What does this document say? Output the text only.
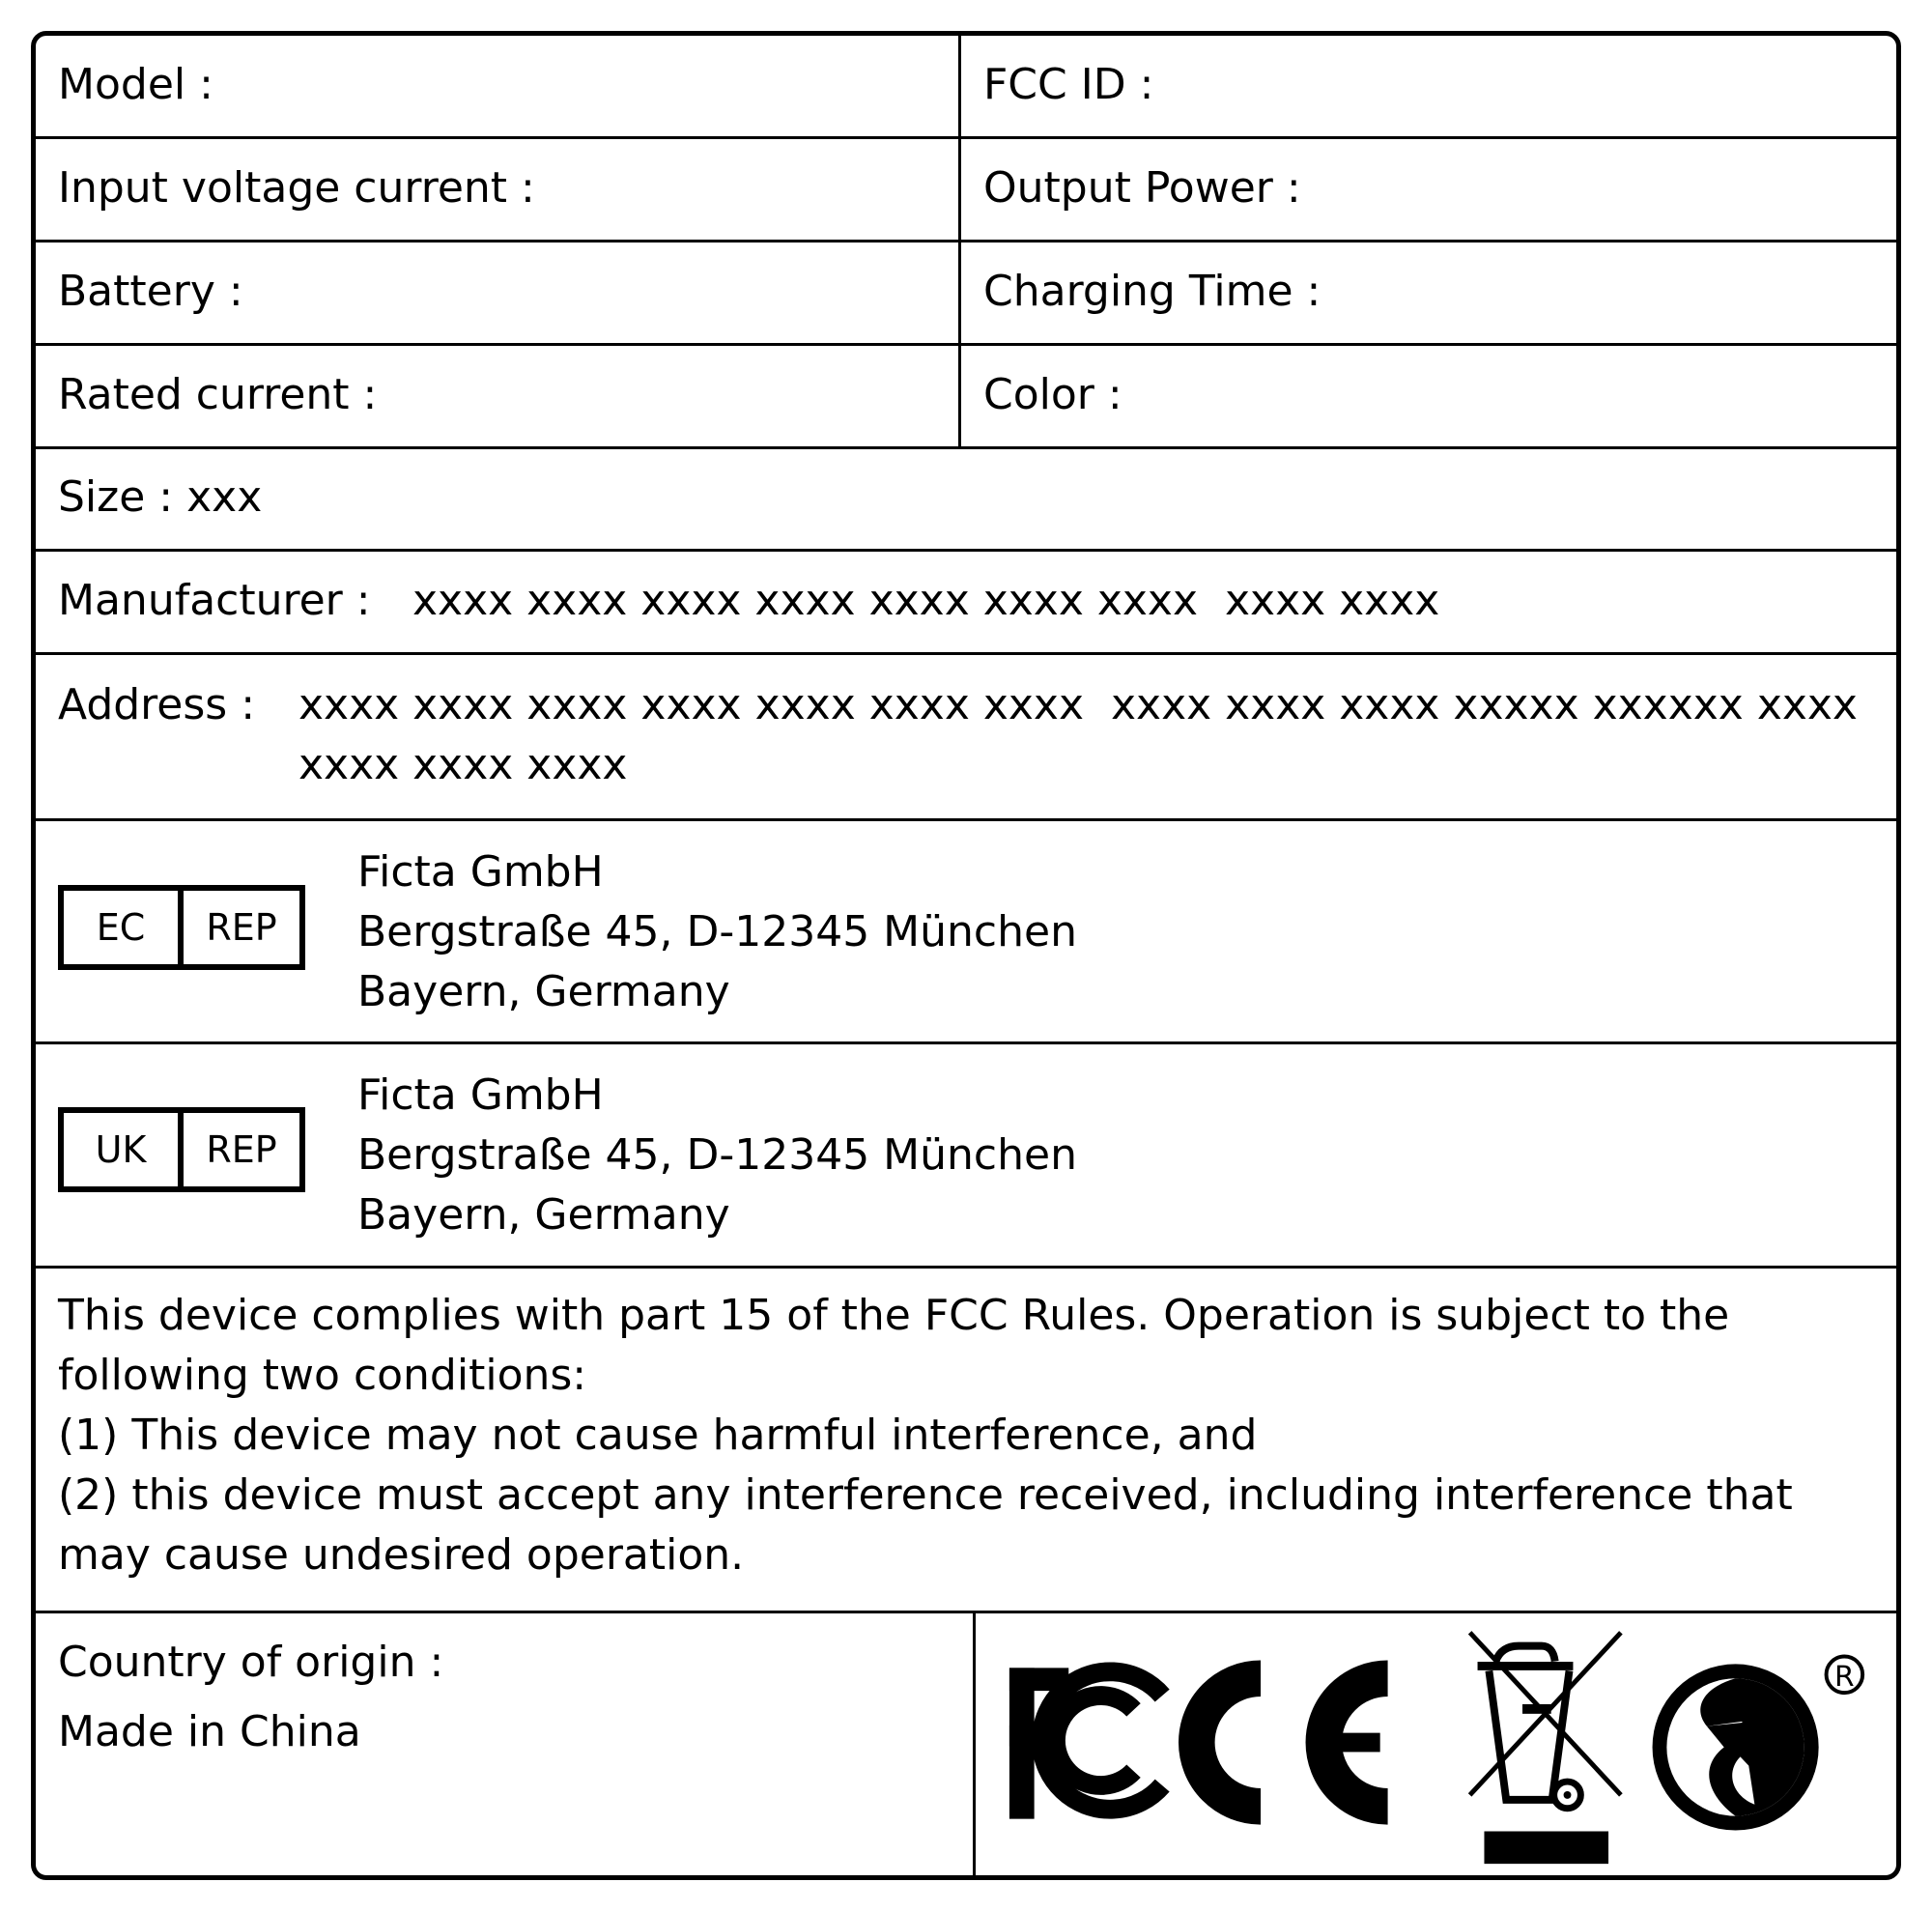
Model :	FCC ID :
Input voltage current :	Output Power :
Battery :	Charging Time :
Rated current :	Color :
Size : xxx
Manufacturer : xxxx xxxx xxxx xxxx xxxx xxxx xxxx  xxxx xxxx
Address : xxxx xxxx xxxx xxxx xxxx xxxx xxxx  xxxx xxxx xxxx xxxxx xxxxxx xxxx
xxxx xxxx xxxx
EC	REP
Ficta GmbH
Bergstraße 45, D-12345 München
Bayern, Germany
UK	REP
Ficta GmbH
Bergstraße 45, D-12345 München
Bayern, Germany
This device complies with part 15 of the FCC Rules. Operation is subject to the
following two conditions:
(1) This device may not cause harmful interference, and
(2) this device must accept any interference received, including interference that
may cause undesired operation.
Country of origin :
Made in China
R
